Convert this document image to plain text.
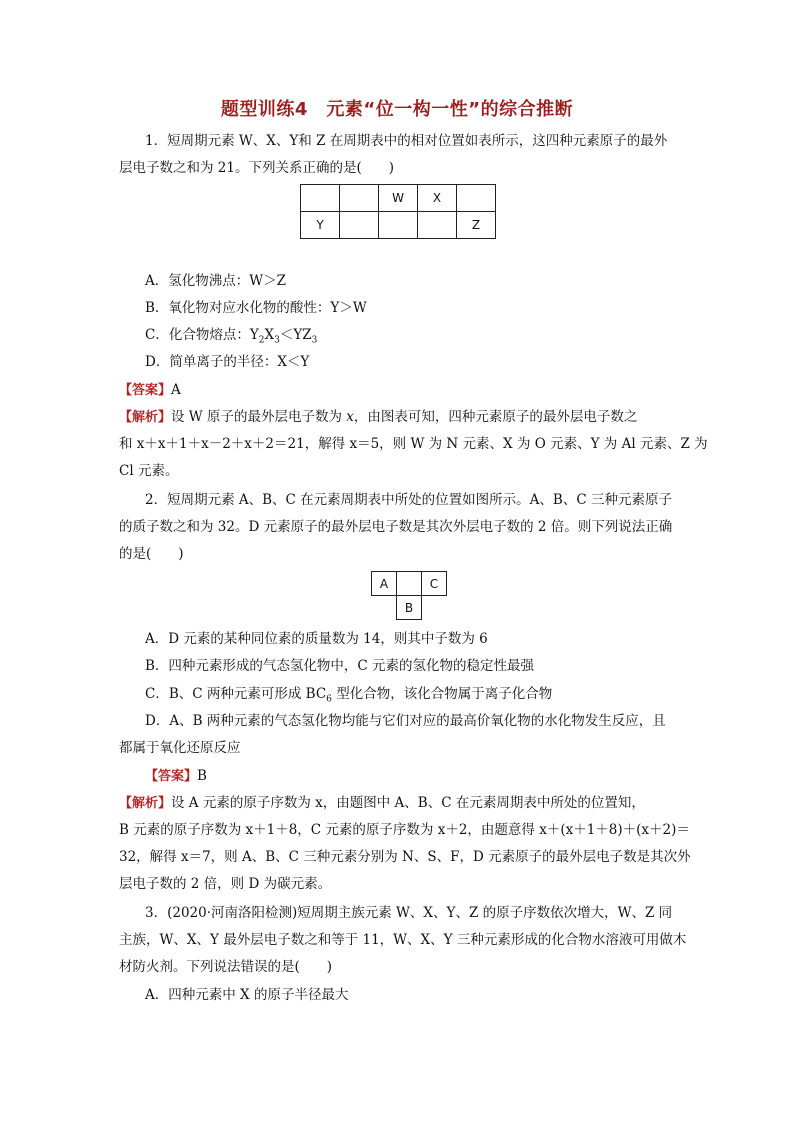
题型训练4　元素“位一构一性”的综合推断
1．短周期元素 W、X、Y和 Z 在周期表中的相对位置如表所示，这四种元素原子的最外
层电子数之和为 21。下列关系正确的是(　　)
		W	X	
Y				Z
A．氢化物沸点：W＞Z
B．氧化物对应水化物的酸性：Y＞W
C．化合物熔点：$Y_2X_3<YZ_3$
D．简单离子的半径：X＜Y
【答案】A
【解析】设 W 原子的最外层电子数为 x，由图表可知，四种元素原子的最外层电子数之
和 x＋x＋1＋x－2＋x＋2＝21，解得 x＝5，则 W 为 N 元素、X 为 O 元素、Y 为 Al 元素、Z 为
Cl 元素。
2．短周期元素 A、B、C 在元素周期表中所处的位置如图所示。A、B、C 三种元素原子
的质子数之和为 32。D 元素原子的最外层电子数是其次外层电子数的 2 倍。则下列说法正确
的是(　　)
A		C
	B	
A．D 元素的某种同位素的质量数为 14，则其中子数为 6
B．四种元素形成的气态氢化物中，C 元素的氢化物的稳定性最强
C．B、C 两种元素可形成 $BC_6$ 型化合物，该化合物属于离子化合物
D．A、B 两种元素的气态氢化物均能与它们对应的最高价氧化物的水化物发生反应，且
都属于氧化还原反应
【答案】B
【解析】设 A 元素的原子序数为 x，由题图中 A、B、C 在元素周期表中所处的位置知，
B 元素的原子序数为 x＋1＋8，C 元素的原子序数为 x＋2，由题意得 x＋(x＋1＋8)＋(x＋2)＝
32，解得 x＝7，则 A、B、C 三种元素分别为 N、S、F，D 元素原子的最外层电子数是其次外
层电子数的 2 倍，则 D 为碳元素。
3．(2020·河南洛阳检测)短周期主族元素 W、X、Y、Z 的原子序数依次增大，W、Z 同
主族，W、X、Y 最外层电子数之和等于 11，W、X、Y 三种元素形成的化合物水溶液可用做木
材防火剂。下列说法错误的是(　　)
A．四种元素中 X 的原子半径最大
